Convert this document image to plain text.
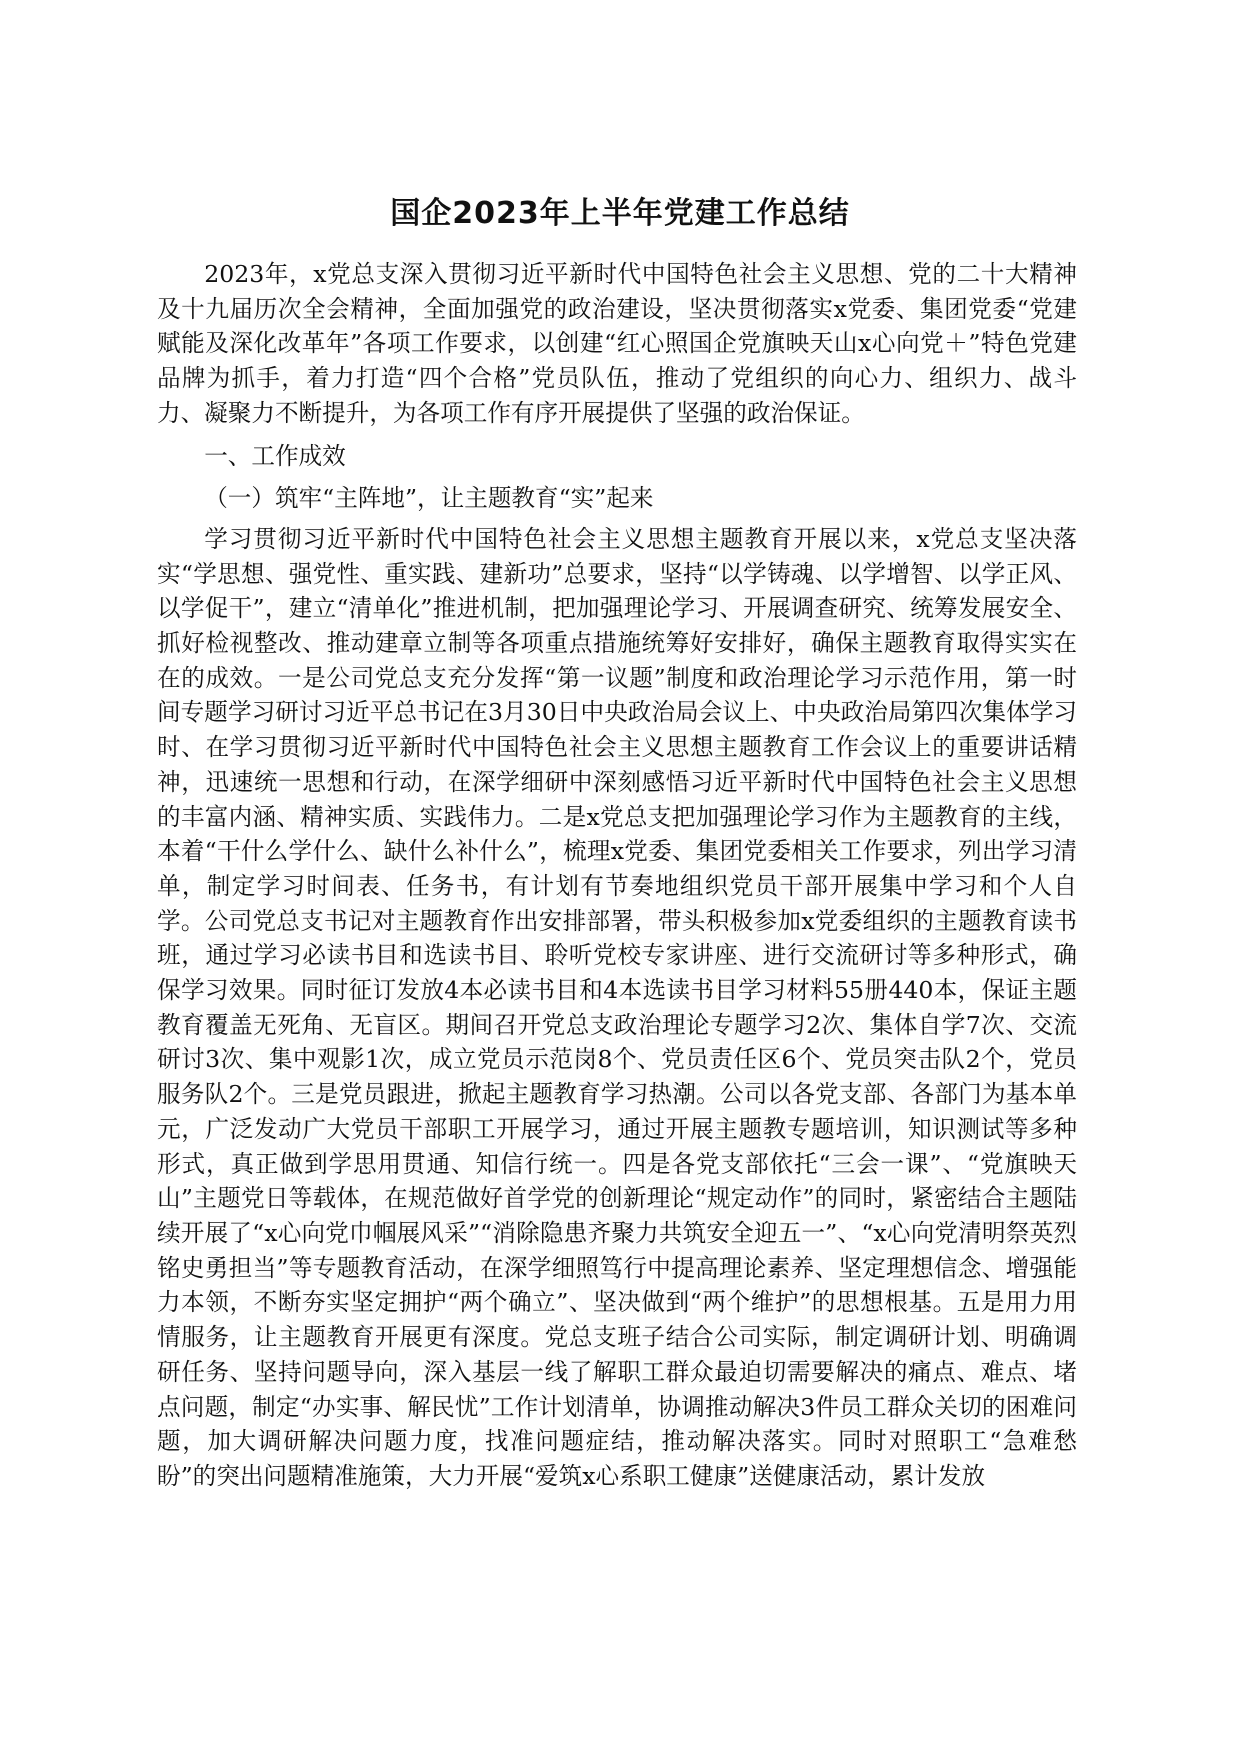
国企2023年上半年党建工作总结

2023年，x党总支深入贯彻习近平新时代中国特色社会主义思想、党的二十大精神及十九届历次全会精神，全面加强党的政治建设，坚决贯彻落实x党委、集团党委“党建赋能及深化改革年”各项工作要求，以创建“红心照国企党旗映天山x心向党＋”特色党建品牌为抓手，着力打造“四个合格”党员队伍，推动了党组织的向心力、组织力、战斗力、凝聚力不断提升，为各项工作有序开展提供了坚强的政治保证。

一、工作成效

（一）筑牢“主阵地”，让主题教育“实”起来

学习贯彻习近平新时代中国特色社会主义思想主题教育开展以来，x党总支坚决落实“学思想、强党性、重实践、建新功”总要求，坚持“以学铸魂、以学增智、以学正风、以学促干”，建立“清单化”推进机制，把加强理论学习、开展调查研究、统筹发展安全、抓好检视整改、推动建章立制等各项重点措施统筹好安排好，确保主题教育取得实实在在的成效。一是公司党总支充分发挥“第一议题”制度和政治理论学习示范作用，第一时间专题学习研讨习近平总书记在3月30日中央政治局会议上、中央政治局第四次集体学习时、在学习贯彻习近平新时代中国特色社会主义思想主题教育工作会议上的重要讲话精神，迅速统一思想和行动，在深学细研中深刻感悟习近平新时代中国特色社会主义思想的丰富内涵、精神实质、实践伟力。二是x党总支把加强理论学习作为主题教育的主线，本着“干什么学什么、缺什么补什么”，梳理x党委、集团党委相关工作要求，列出学习清单，制定学习时间表、任务书，有计划有节奏地组织党员干部开展集中学习和个人自学。公司党总支书记对主题教育作出安排部署，带头积极参加x党委组织的主题教育读书班，通过学习必读书目和选读书目、聆听党校专家讲座、进行交流研讨等多种形式，确保学习效果。同时征订发放4本必读书目和4本选读书目学习材料55册440本，保证主题教育覆盖无死角、无盲区。期间召开党总支政治理论专题学习2次、集体自学7次、交流研讨3次、集中观影1次，成立党员示范岗8个、党员责任区6个、党员突击队2个，党员服务队2个。三是党员跟进，掀起主题教育学习热潮。公司以各党支部、各部门为基本单元，广泛发动广大党员干部职工开展学习，通过开展主题教专题培训，知识测试等多种形式，真正做到学思用贯通、知信行统一。四是各党支部依托“三会一课”、“党旗映天山”主题党日等载体，在规范做好首学党的创新理论“规定动作”的同时，紧密结合主题陆续开展了“x心向党巾帼展风采”“消除隐患齐聚力共筑安全迎五一”、“x心向党清明祭英烈铭史勇担当”等专题教育活动，在深学细照笃行中提高理论素养、坚定理想信念、增强能力本领，不断夯实坚定拥护“两个确立”、坚决做到“两个维护”的思想根基。五是用力用情服务，让主题教育开展更有深度。党总支班子结合公司实际，制定调研计划、明确调研任务、坚持问题导向，深入基层一线了解职工群众最迫切需要解决的痛点、难点、堵点问题，制定“办实事、解民忧”工作计划清单，协调推动解决3件员工群众关切的困难问题，加大调研解决问题力度，找准问题症结，推动解决落实。同时对照职工“急难愁盼”的突出问题精准施策，大力开展“爱筑x心系职工健康”送健康活动，累计发放
